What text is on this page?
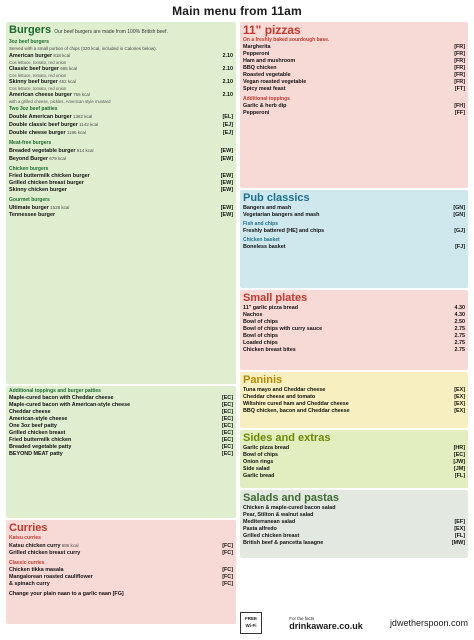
Main menu from 11am
Burgers Our beef burgers are made from 100% British beef.
3oz beef burgers
Served with a small portion of chips (320 kcal, included in Calories below).
American burger 818 kcal	2.10
Cos lettuce, tomato, red onion
Classic beef burger 695 kcal	2.10
Cos lettuce, tomato, red onion
Skinny beef burger 452 kcal	2.10
Cos lettuce, tomato, red onion
American cheese burger 755 kcal	2.10
with a grilled cheese, pickles, American style mustard
Two 3oz beef patties
Double American burger 1362 kcal	[EL]
Double classic beef burger 1142 kcal	[EJ]
Double cheese burger 1196 kcal	[EJ]
Meat-free burgers
Breaded vegetable burger 914 kcal	[EW]
Beyond Burger 679 kcal	[EW]
Chicken burgers
Fried buttermilk chicken burger	[EW]
Grilled chicken breast burger	[EW]
Skinny chicken burger	[EW]
Gourmet burgers
Ultimate burger 1528 kcal	[EW]
Tennessee burger	[EW]
Additional toppings and burger patties
Maple-cured bacon with Cheddar cheese	[EC]
Maple-cured bacon with American-style cheese	[EC]
Cheddar cheese	[EC]
American-style cheese	[EC]
One 3oz beef patty	[EC]
Grilled chicken breast	[EC]
Fried buttermilk chicken	[EC]
Breaded vegetable patty	[EC]
BEYOND MEAT patty	[EC]
Curries
Katsu curries
Katsu chicken curry 686 kcal	[FC]
Grilled chicken breast curry	[FC]
Classic curries
Chicken tikka masala	[FC]
Mangalorean roasted cauliflower	[FC]
& spinach curry	[FC]
Change your plain naan to a garlic naan [FG]
11" pizzas
On a freshly baked sourdough base.
Margherita	[FR]
Pepperoni	[FR]
Ham and mushroom	[FR]
BBQ chicken	[FR]
Roasted vegetable	[FR]
Vegan roasted vegetable	[FR]
Spicy meat feast	[FT]
Additional toppings
Garlic & herb dip	[FH]
Pepperoni	[FF]
Pub classics
Bangers and mash	[GN]
Vegetarian bangers and mash	[GN]
Fish and chips
Freshly battered [HE] and chips	[GJ]
Chicken basket
Boneless basket	[FJ]
Small plates
11" garlic pizza bread	4.30
Nachos	4.30
Bowl of chips	2.50
Bowl of chips with curry sauce	2.75
Bowl of chips	2.75
Loaded chips	2.75
Chicken breast bites	2.75
Paninis
Tuna mayo and Cheddar cheese	[EX]
Cheddar cheese and tomato	[EX]
Wiltshire cured ham and Cheddar cheese	[EX]
BBQ chicken, bacon and Cheddar cheese	[EX]
Sides and extras
Garlic pizza bread	[HR]
Bowl of chips	[EC]
Onion rings	[JW]
Side salad	[JM]
Garlic bread	[FL]
Salads and pastas
Chicken & maple-cured bacon salad
Pear, Stilton & walnut salad
Mediterranean salad	[EF]
Pasta alfredo	[EX]
Grilled chicken breast	[FL]
British beef & pancetta lasagne	[MW]
FREE Wi-Fi
For the facts
drinkaware.co.uk	jdwetherspoon.com
